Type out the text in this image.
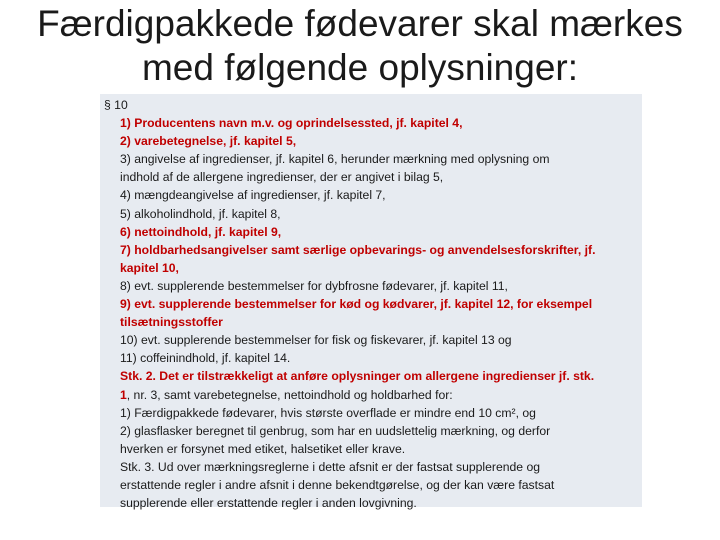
Færdigpakkede fødevarer skal mærkes
med følgende oplysninger:
§ 10
1) Producentens navn m.v. og oprindelsessted, jf. kapitel 4,
2) varebetegnelse, jf. kapitel 5,
3) angivelse af ingredienser, jf. kapitel 6, herunder mærkning med oplysning om
indhold af de allergene ingredienser, der er angivet i bilag 5,
4) mængdeangivelse af ingredienser, jf. kapitel 7,
5) alkoholindhold, jf. kapitel 8,
6) nettoindhold, jf. kapitel 9,
7) holdbarhedsangivelser samt særlige opbevarings- og anvendelsesforskrifter, jf.
kapitel 10,
8) evt. supplerende bestemmelser for dybfrosne fødevarer, jf. kapitel 11,
9) evt. supplerende bestemmelser for kød og kødvarer, jf. kapitel 12, for eksempel
tilsætningsstoffer
10) evt. supplerende bestemmelser for fisk og fiskevarer, jf. kapitel 13 og
11) coffeinindhold, jf. kapitel 14.
Stk. 2. Det er tilstrækkeligt at anføre oplysninger om allergene ingredienser jf. stk.
1, nr. 3, samt varebetegnelse, nettoindhold og holdbarhed for:
1) Færdigpakkede fødevarer, hvis største overflade er mindre end 10 cm², og
2) glasflasker beregnet til genbrug, som har en uudslettelig mærkning, og derfor
hverken er forsynet med etiket, halsetiket eller krave.
Stk. 3. Ud over mærkningsreglerne i dette afsnit er der fastsat supplerende og
erstattende regler i andre afsnit i denne bekendtgørelse, og der kan være fastsat
supplerende eller erstattende regler i anden lovgivning.
